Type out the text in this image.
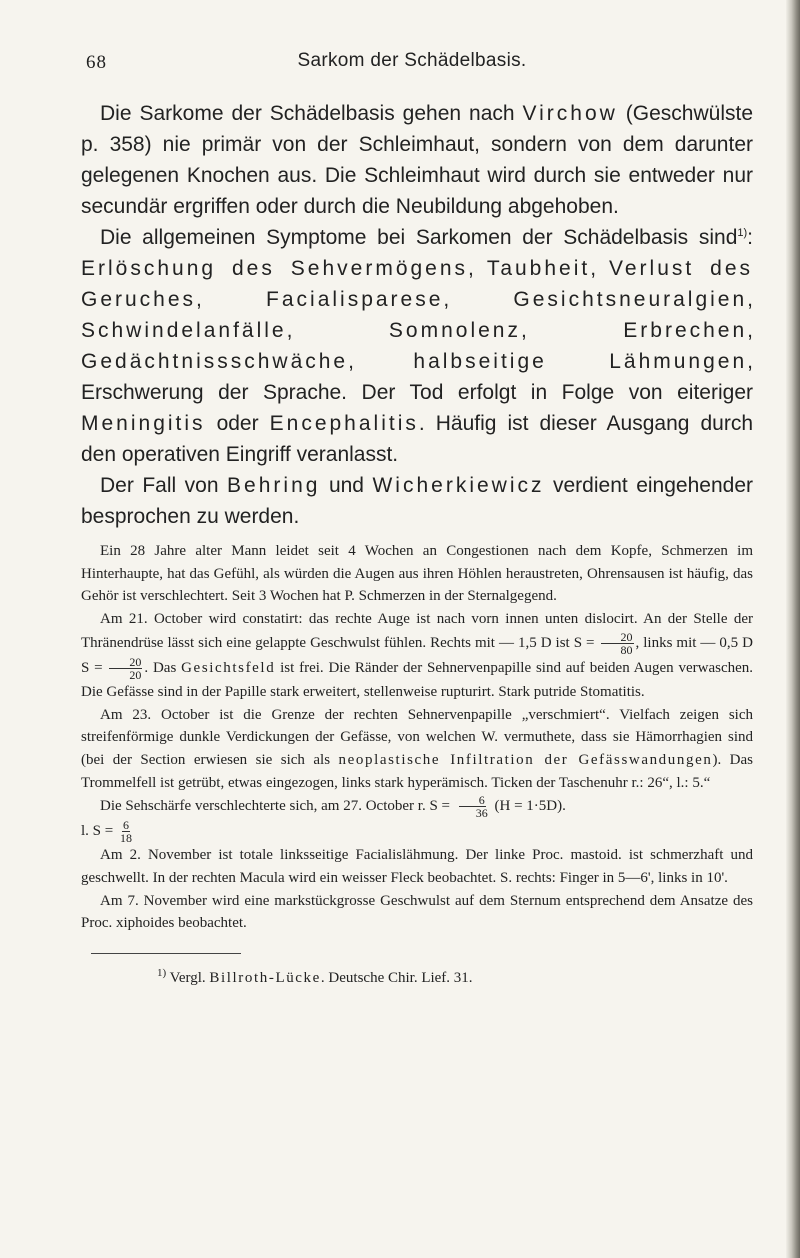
68	Sarkom der Schädelbasis.

Die Sarkome der Schädelbasis gehen nach Virchow (Geschwülste p. 358) nie primär von der Schleimhaut, sondern von dem darunter gelegenen Knochen aus. Die Schleimhaut wird durch sie entweder nur secundär ergriffen oder durch die Neubildung abgehoben.

Die allgemeinen Symptome bei Sarkomen der Schädelbasis sind$^{1)}$: Erlöschung des Sehvermögens, Taubheit, Verlust des Geruches, Facialisparese, Gesichtsneuralgien, Schwindelanfälle, Somnolenz, Erbrechen, Gedächtnissschwäche, halbseitige Lähmungen, Erschwerung der Sprache. Der Tod erfolgt in Folge von eiteriger Meningitis oder Encephalitis. Häufig ist dieser Ausgang durch den operativen Eingriff veranlasst.

Der Fall von Behring und Wicherkiewicz verdient eingehender besprochen zu werden.

Ein 28 Jahre alter Mann leidet seit 4 Wochen an Congestionen nach dem Kopfe, Schmerzen im Hinterhaupte, hat das Gefühl, als würden die Augen aus ihren Höhlen heraustreten, Ohrensausen ist häufig, das Gehör ist verschlechtert. Seit 3 Wochen hat P. Schmerzen in der Sternalgegend.

Am 21. October wird constatirt: das rechte Auge ist nach vorn innen unten dislocirt. An der Stelle der Thränendrüse lässt sich eine gelappte Geschwulst fühlen. Rechts mit — 1,5 D ist $S = \frac{20}{80}$ , links mit — 0,5 D $S = \frac{20}{20}$ . Das Gesichtsfeld ist frei. Die Ränder der Sehnervenpapille sind auf beiden Augen verwaschen. Die Gefässe sind in der Papille stark erweitert, stellenweise rupturirt. Stark putride Stomatitis.

Am 23. October ist die Grenze der rechten Sehnervenpapille „verschmiert“. Vielfach zeigen sich streifenförmige dunkle Verdickungen der Gefässe, von welchen W. vermuthete, dass sie Hämorrhagien sind (bei der Section erwiesen sie sich als neoplastische Infiltration der Gefässwandungen). Das Trommelfell ist getrübt, etwas eingezogen, links stark hyperämisch. Ticken der Taschenuhr r.: 26“, l.: 5.“

Die Sehschärfe verschlechterte sich, am 27. October r. $S = \frac{6}{36} (H = 1\cdot 5D)$.

l. $S = \frac{6}{18}$

Am 2. November ist totale linksseitige Facialislähmung. Der linke Proc. mastoid. ist schmerzhaft und geschwellt. In der rechten Macula wird ein weisser Fleck beobachtet. S. rechts: Finger in 5—6', links in 10'.

Am 7. November wird eine markstückgrosse Geschwulst auf dem Sternum entsprechend dem Ansatze des Proc. xiphoides beobachtet.

$^{1)}$ Vergl. Billroth-Lücke. Deutsche Chir. Lief. 31.
